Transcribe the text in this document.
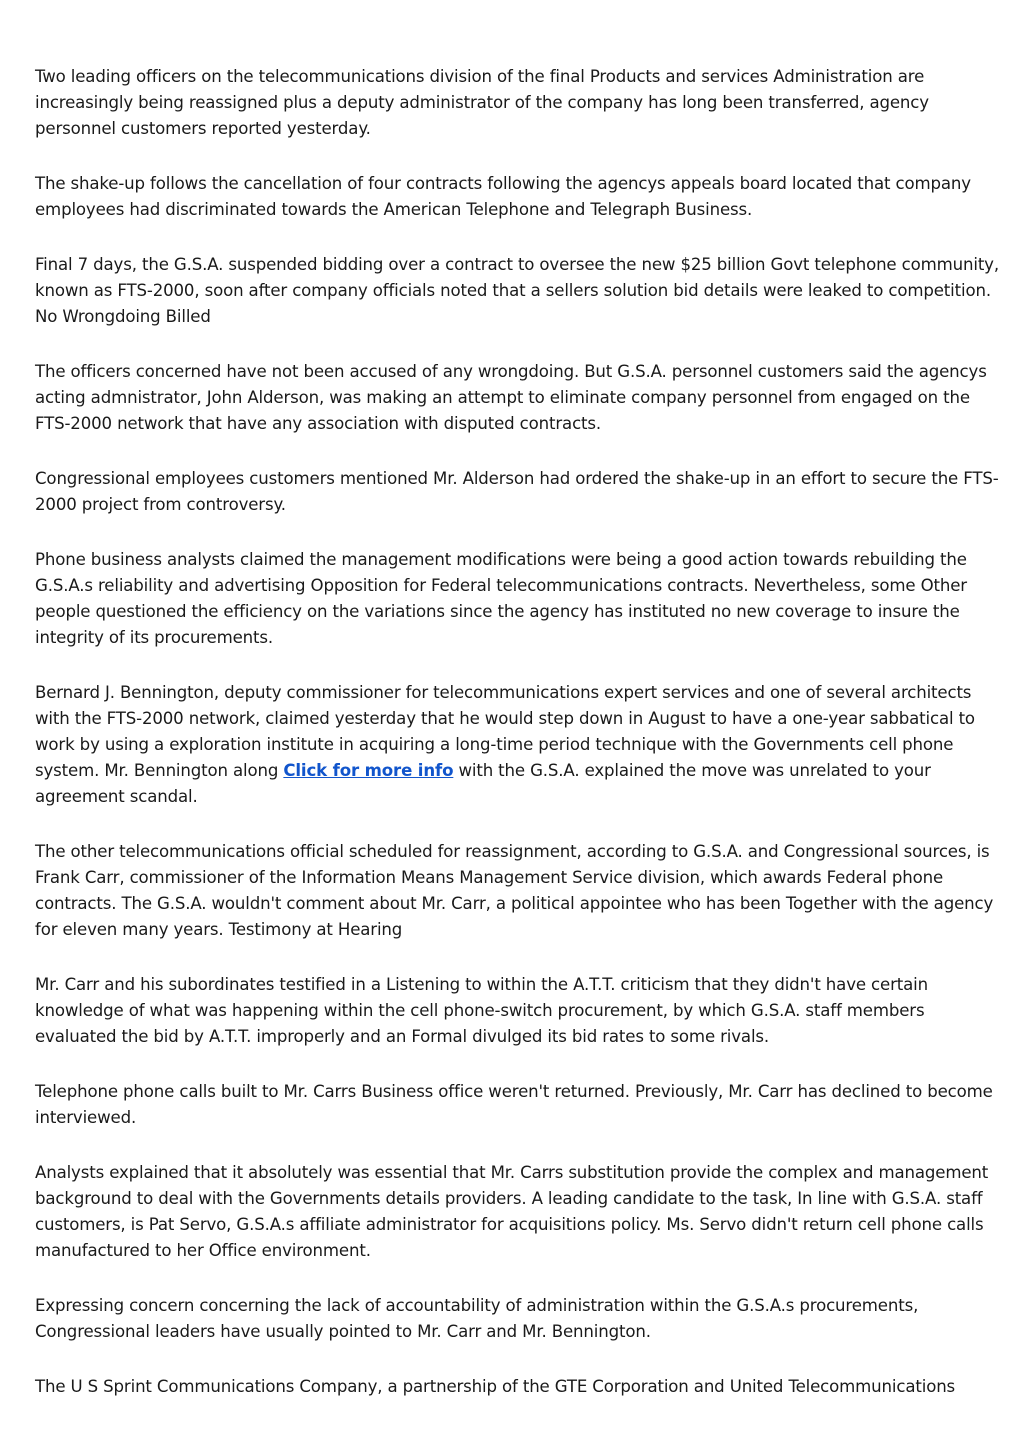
Two leading officers on the telecommunications division of the final Products and services Administration are increasingly being reassigned plus a deputy administrator of the company has long been transferred, agency personnel customers reported yesterday.

The shake-up follows the cancellation of four contracts following the agencys appeals board located that company employees had discriminated towards the American Telephone and Telegraph Business.

Final 7 days, the G.S.A. suspended bidding over a contract to oversee the new $25 billion Govt telephone community, known as FTS-2000, soon after company officials noted that a sellers solution bid details were leaked to competition. No Wrongdoing Billed

The officers concerned have not been accused of any wrongdoing. But G.S.A. personnel customers said the agencys acting admnistrator, John Alderson, was making an attempt to eliminate company personnel from engaged on the FTS-2000 network that have any association with disputed contracts.

Congressional employees customers mentioned Mr. Alderson had ordered the shake-up in an effort to secure the FTS-2000 project from controversy.

Phone business analysts claimed the management modifications were being a good action towards rebuilding the G.S.A.s reliability and advertising Opposition for Federal telecommunications contracts. Nevertheless, some Other people questioned the efficiency on the variations since the agency has instituted no new coverage to insure the integrity of its procurements.

Bernard J. Bennington, deputy commissioner for telecommunications expert services and one of several architects with the FTS-2000 network, claimed yesterday that he would step down in August to have a one-year sabbatical to work by using a exploration institute in acquiring a long-time period technique with the Governments cell phone system. Mr. Bennington along Click for more info with the G.S.A. explained the move was unrelated to your agreement scandal.

The other telecommunications official scheduled for reassignment, according to G.S.A. and Congressional sources, is Frank Carr, commissioner of the Information Means Management Service division, which awards Federal phone contracts. The G.S.A. wouldn't comment about Mr. Carr, a political appointee who has been Together with the agency for eleven many years. Testimony at Hearing

Mr. Carr and his subordinates testified in a Listening to within the A.T.T. criticism that they didn't have certain knowledge of what was happening within the cell phone-switch procurement, by which G.S.A. staff members evaluated the bid by A.T.T. improperly and an Formal divulged its bid rates to some rivals.

Telephone phone calls built to Mr. Carrs Business office weren't returned. Previously, Mr. Carr has declined to become interviewed.

Analysts explained that it absolutely was essential that Mr. Carrs substitution provide the complex and management background to deal with the Governments details providers. A leading candidate to the task, In line with G.S.A. staff customers, is Pat Servo, G.S.A.s affiliate administrator for acquisitions policy. Ms. Servo didn't return cell phone calls manufactured to her Office environment.

Expressing concern concerning the lack of accountability of administration within the G.S.A.s procurements, Congressional leaders have usually pointed to Mr. Carr and Mr. Bennington.

The U S Sprint Communications Company, a partnership of the GTE Corporation and United Telecommunications
